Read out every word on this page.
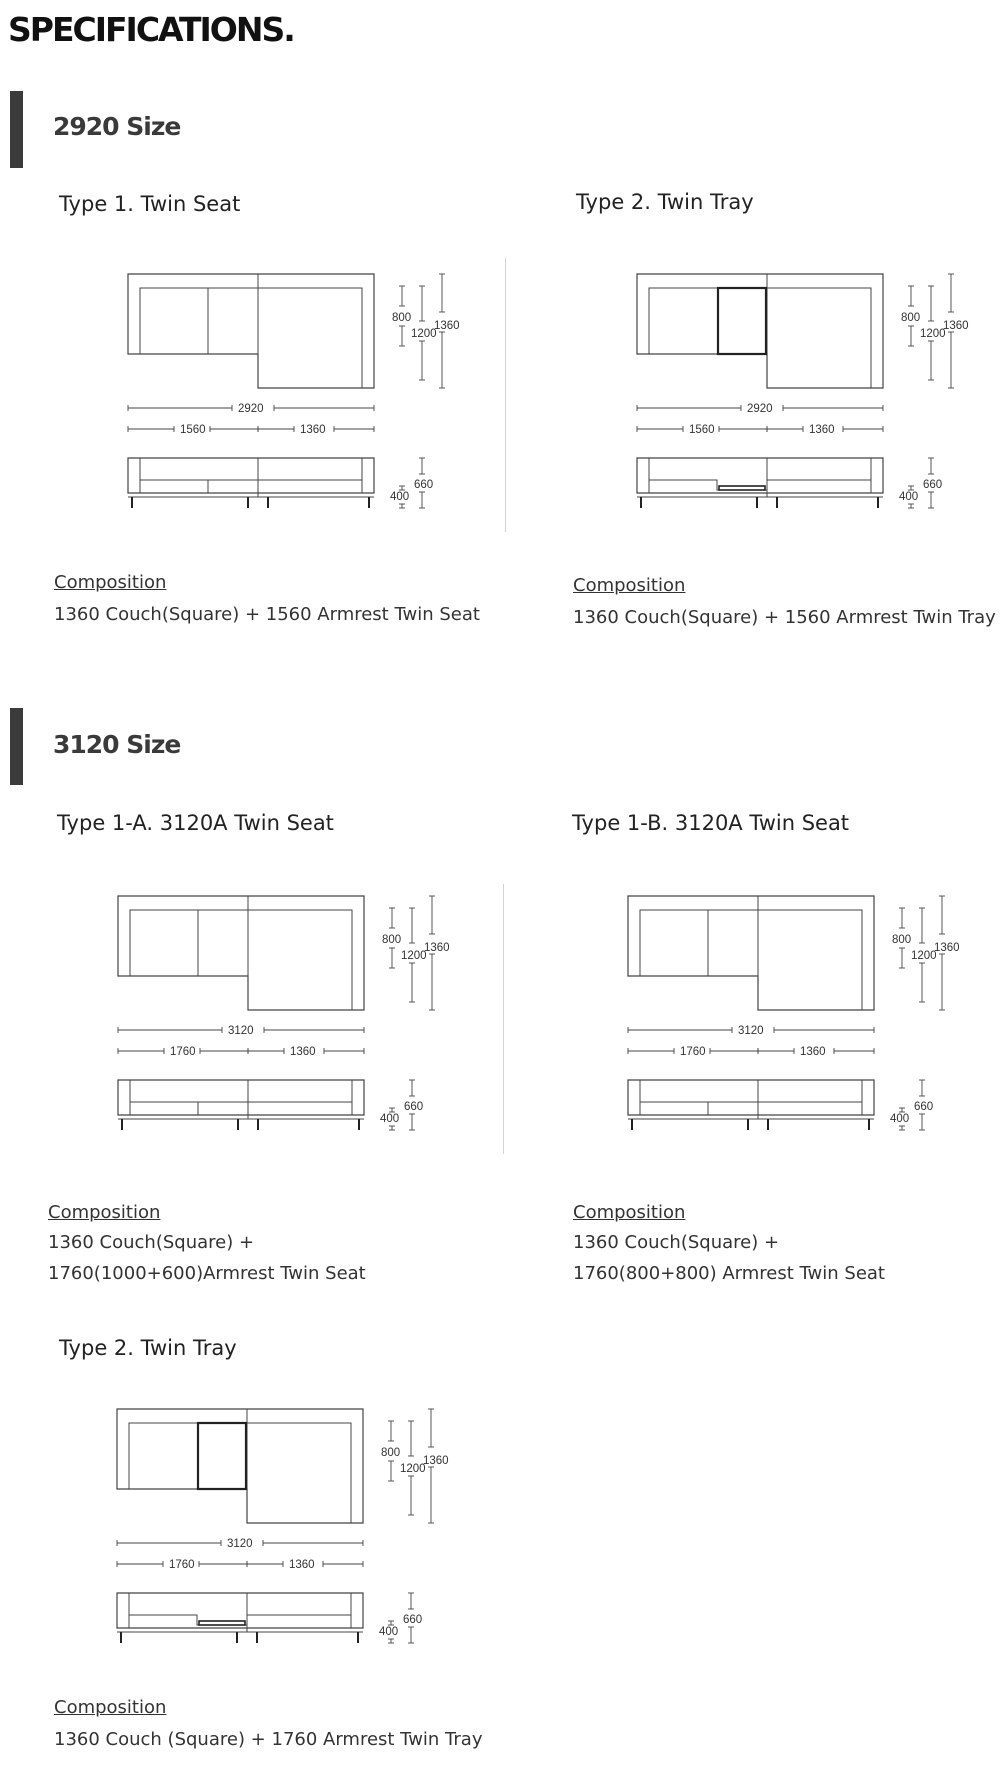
SPECIFICATIONS.
2920 Size
Type 1. Twin Seat	Type 2. Twin Tray
800
1200
1360
2920
1560	1360
400
660
800
1200
1360
2920
1560	1360
400
660
Composition
1360 Couch(Square) + 1560 Armrest Twin Seat
Composition
1360 Couch(Square) + 1560 Armrest Twin Tray
3120 Size
Type 1-A. 3120A Twin Seat	Type 1-B. 3120A Twin Seat
800
1200
1360
3120
1760	1360
400
660
800
1200
1360
3120
1760	1360
400
660
Composition
1360 Couch(Square) +
1760(1000+600)Armrest Twin Seat
Composition
1360 Couch(Square) +
1760(800+800) Armrest Twin Seat
Type 2. Twin Tray
800
1200
1360
3120
1760	1360
400
660
Composition
1360 Couch (Square) + 1760 Armrest Twin Tray
